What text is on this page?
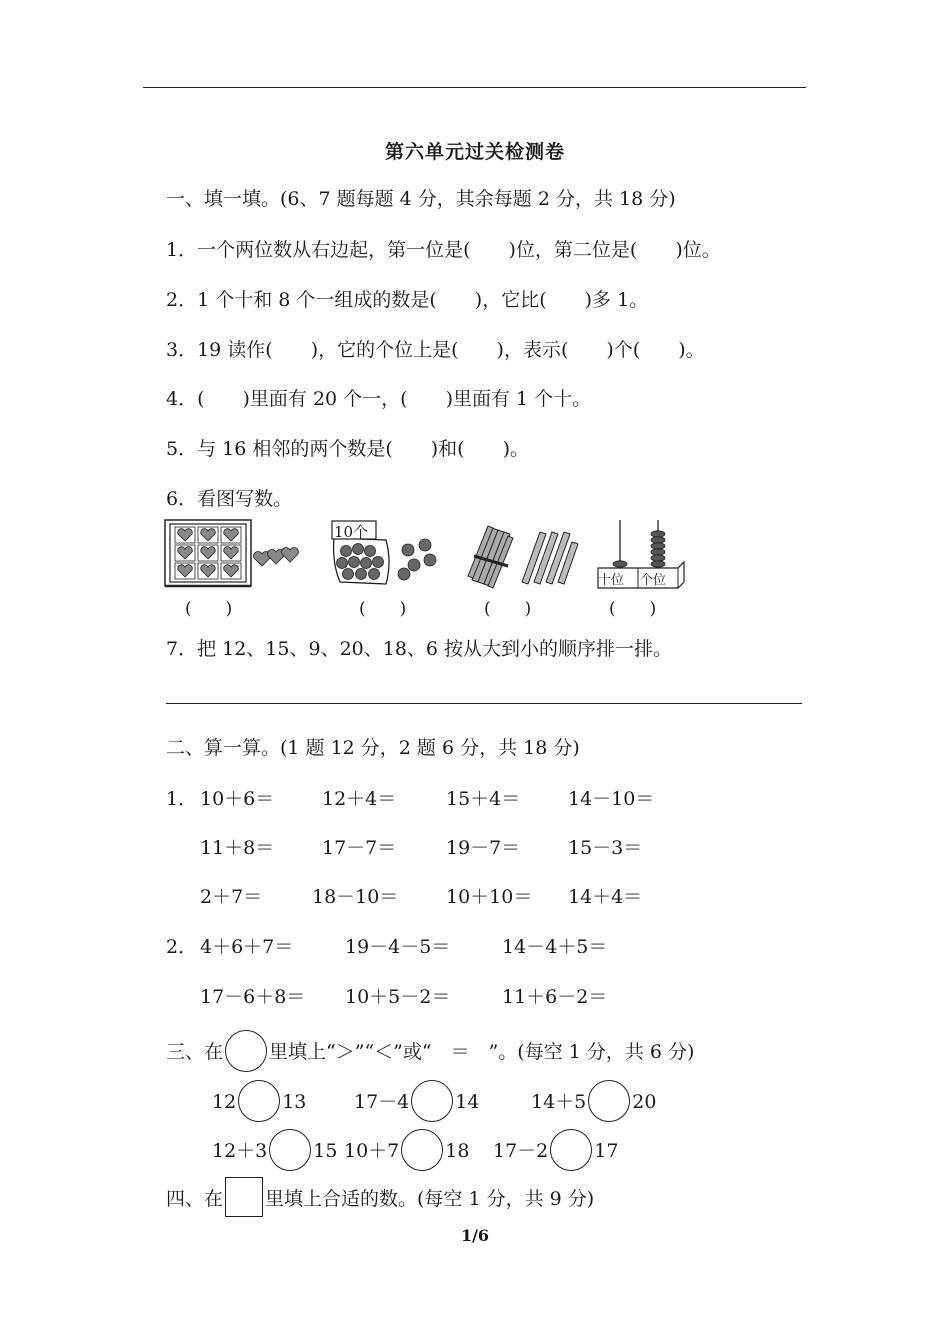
第六单元过关检测卷
一、填一填。(6、7 题每题 4 分，其余每题 2 分，共 18 分)
1．一个两位数从右边起，第一位是(　　)位，第二位是(　　)位。
2．1 个十和 8 个一组成的数是(　　)，它比(　　)多 1。
3．19 读作(　　)，它的个位上是(　　)，表示(　　)个(　　)。
4．(　　)里面有 20 个一，(　　)里面有 1 个十。
5．与 16 相邻的两个数是(　　)和(　　)。
6．看图写数。
(　　)
10个
(　　)	(　　)
十位 个位
(　　)
7．把 12、15、9、20、18、6 按从大到小的顺序排一排。
二、算一算。(1 题 12 分，2 题 6 分，共 18 分)
1． 10＋6＝	12＋4＝	15＋4＝	14－10＝
11＋8＝	17－7＝	19－7＝	15－3＝
2＋7＝	18－10＝	10＋10＝ 14＋4＝
2． 4＋6＋7＝	19－4－5＝	14－4＋5＝
17－6＋8＝ 10＋5－2＝	11＋6－2＝
三、在 里填上“＞”“＜”或“　＝　”。(每空 1 分，共 6 分)
12 13	17－4 14	14＋5 20
12＋3 15 10＋7 18 17－2 17
四、在 里填上合适的数。(每空 1 分，共 9 分)
1/6
